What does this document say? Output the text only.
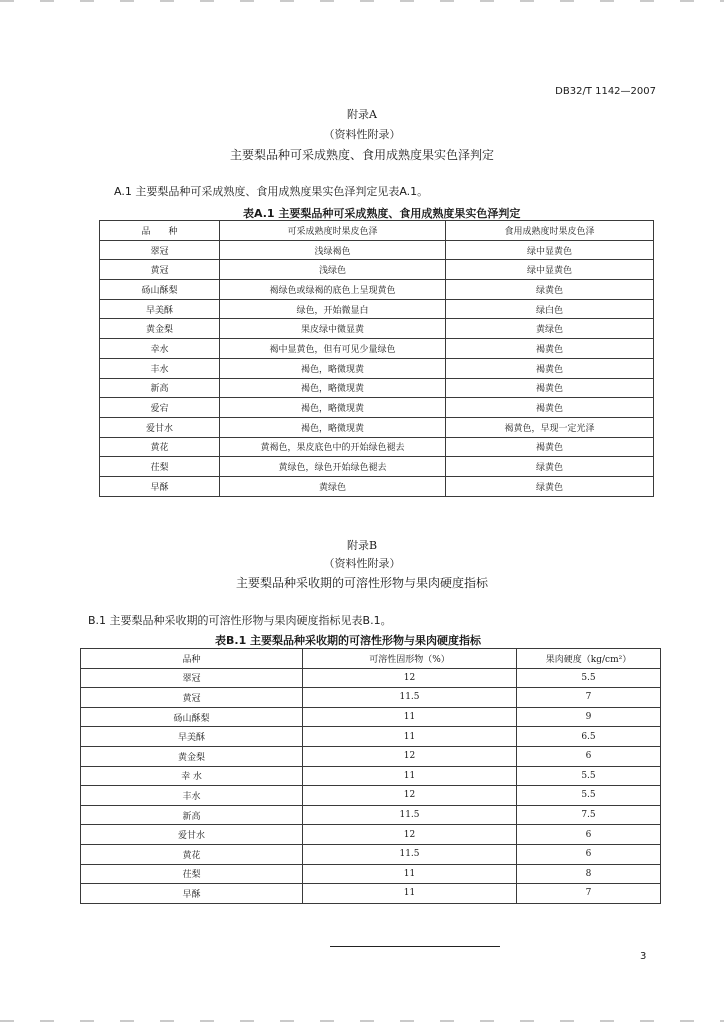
DB32/T 1142—2007
附录A
（资料性附录）
主要梨品种可采成熟度、食用成熟度果实色泽判定
A.1 主要梨品种可采成熟度、食用成熟度果实色泽判定见表A.1。
表A.1 主要梨品种可采成熟度、食用成熟度果实色泽判定
品　　种	可采成熟度时果皮色泽	食用成熟度时果皮色泽
翠冠	浅绿褐色	绿中显黄色
黄冠	浅绿色	绿中显黄色
砀山酥梨	褐绿色或绿褐的底色上呈现黄色	绿黄色
早美酥	绿色，开始微显白	绿白色
黄金梨	果皮绿中微显黄	黄绿色
幸水	褐中显黄色，但有可见少量绿色	褐黄色
丰水	褐色，略微现黄	褐黄色
新高	褐色，略微现黄	褐黄色
爱宕	褐色，略微现黄	褐黄色
爱甘水	褐色，略微现黄	褐黄色，早现一定光泽
黄花	黄褐色，果皮底色中的开始绿色褪去	褐黄色
茌梨	黄绿色，绿色开始绿色褪去	绿黄色
早酥	黄绿色	绿黄色
附录B
（资料性附录）
主要梨品种采收期的可溶性形物与果肉硬度指标
B.1 主要梨品种采收期的可溶性形物与果肉硬度指标见表B.1。
表B.1 主要梨品种采收期的可溶性形物与果肉硬度指标
品种	可溶性固形物（%）	果肉硬度（kg/cm²）
翠冠	12	5.5
黄冠	11.5	7
砀山酥梨	11	9
早美酥	11	6.5
黄金梨	12	6
幸 水	11	5.5
丰水	12	5.5
新高	11.5	7.5
爱甘水	12	6
黄花	11.5	6
茌梨	11	8
早酥	11	7
3
